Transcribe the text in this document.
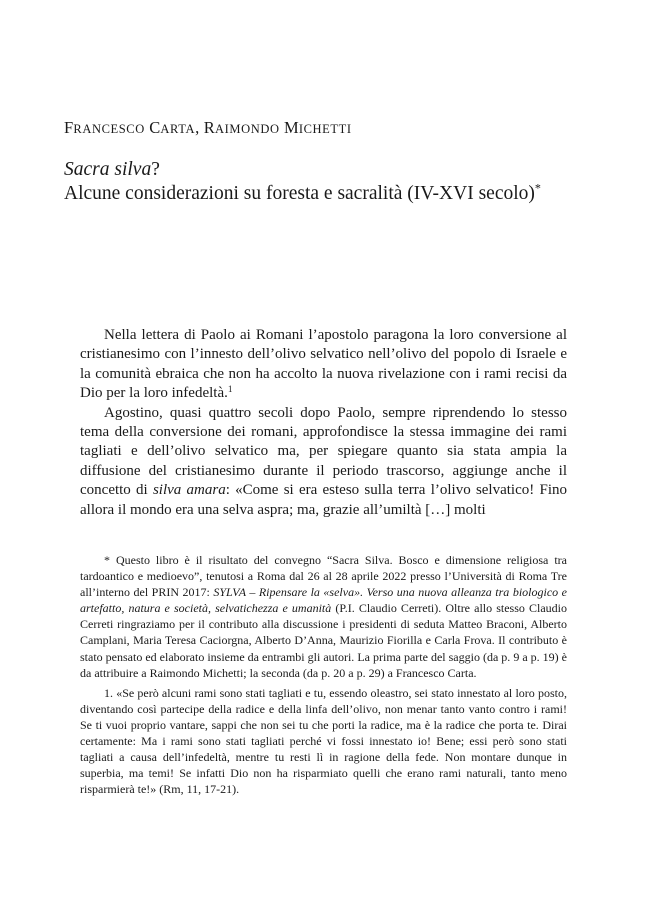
FRANCESCO CARTA, RAIMONDO MICHETTI
Sacra silva?
Alcune considerazioni su foresta e sacralità (IV-XVI secolo)*

Nella lettera di Paolo ai Romani l’apostolo paragona la loro conversione al cristianesimo con l’innesto dell’olivo selvatico nell’olivo del popolo di Israele e la comunità ebraica che non ha accolto la nuova rivelazione con i rami recisi da Dio per la loro infedeltà.$^1$

Agostino, quasi quattro secoli dopo Paolo, sempre riprendendo lo stesso tema della conversione dei romani, approfondisce la stessa immagine dei rami tagliati e dell’olivo selvatico ma, per spiegare quanto sia stata ampia la diffusione del cristianesimo durante il periodo trascorso, aggiunge anche il concetto di silva amara: «Come si era esteso sulla terra l’olivo selvatico! Fino allora il mondo era una selva aspra; ma, grazie all’umiltà […] molti

* Questo libro è il risultato del convegno “Sacra Silva. Bosco e dimensione religiosa tra tardoantico e medioevo”, tenutosi a Roma dal 26 al 28 aprile 2022 presso l’Università di Roma Tre all’interno del PRIN 2017: SYLVA – Ripensare la «selva». Verso una nuova alleanza tra biologico e artefatto, natura e società, selvatichezza e umanità (P.I. Claudio Cerreti). Oltre allo stesso Claudio Cerreti ringraziamo per il contributo alla discussione i presidenti di seduta Matteo Braconi, Alberto Camplani, Maria Teresa Caciorgna, Alberto D’Anna, Maurizio Fiorilla e Carla Frova. Il contributo è stato pensato ed elaborato insieme da entrambi gli autori. La prima parte del saggio (da p. 9 a p. 19) è da attribuire a Raimondo Michetti; la seconda (da p. 20 a p. 29) a Francesco Carta.

1. «Se però alcuni rami sono stati tagliati e tu, essendo oleastro, sei stato innestato al loro posto, diventando così partecipe della radice e della linfa dell’olivo, non menar tanto vanto contro i rami! Se ti vuoi proprio vantare, sappi che non sei tu che porti la radice, ma è la radice che porta te. Dirai certamente: Ma i rami sono stati tagliati perché vi fossi innestato io! Bene; essi però sono stati tagliati a causa dell’infedeltà, mentre tu resti lì in ragione della fede. Non montare dunque in superbia, ma temi! Se infatti Dio non ha risparmiato quelli che erano rami naturali, tanto meno risparmierà te!» (Rm, 11, 17-21).
